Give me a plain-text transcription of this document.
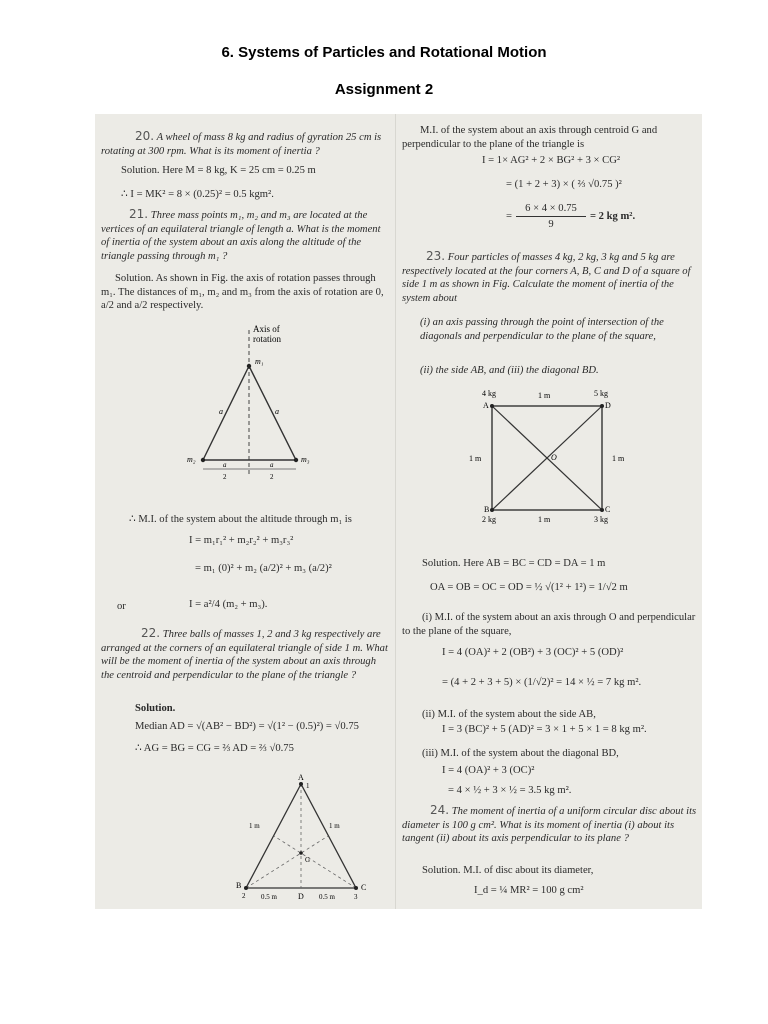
6. Systems of Particles and Rotational Motion
Assignment 2
20. A wheel of mass 8 kg and radius of gyration 25 cm is rotating at 300 rpm. What is its moment of inertia ?
Solution. Here M = 8 kg, K = 25 cm = 0.25 m
∴ I = MK² = 8 × (0.25)² = 0.5 kgm².
21. Three mass points m₁, m₂ and m₃ are located at the vertices of an equilateral triangle of length a. What is the moment of inertia of the system about an axis along the altitude of the triangle passing through m₁ ?
Solution. As shown in Fig. the axis of rotation passes through m₁. The distances of m₁, m₂ and m₃ from the axis of rotation are 0, a/2 and a/2 respectively.
Axis of
rotation
m₁
m₂	m₃
a	a
a
2
a
2
∴ M.I. of the system about the altitude through m₁ is
I = m₁r₁² + m₂r₂² + m₃r₃²
= m₁ (0)² + m₂ (a/2)² + m₃ (a/2)²
or	I = a²/4 (m₂ + m₃).
22. Three balls of masses 1, 2 and 3 kg respectively are arranged at the corners of an equilateral triangle of side 1 m. What will be the moment of inertia of the system about an axis through the centroid and perpendicular to the plane of the triangle ?
Solution.
Median AD = √(AB² − BD²) = √(1² − (0.5)²) = √0.75
∴ AG = BG = CG = ⅔ AD = ⅔ √0.75
A
1
B
2
C
3
D
G
1 m	1 m
0.5 m	0.5 m
M.I. of the system about an axis through centroid G and perpendicular to the plane of the triangle is
I = 1× AG² + 2 × BG² + 3 × CG²
= (1 + 2 + 3) × ( ⅔ √0.75 )²
=
6 × 4 × 0.75
9
= 2 kg m².
23. Four particles of masses 4 kg, 2 kg, 3 kg and 5 kg are respectively located at the four corners A, B, C and D of a square of side 1 m as shown in Fig. Calculate the moment of inertia of the system about
(i) an axis passing through the point of intersection of the diagonals and perpendicular to the plane of the square,
(ii) the side AB, and (iii) the diagonal BD.
4 kg
A
5 kg
D
B
2 kg
C
3 kg
O
1 m
1 m
1 m	1 m
Solution. Here AB = BC = CD = DA = 1 m
OA = OB = OC = OD = ½ √(1² + 1²) = 1/√2 m
(i) M.I. of the system about an axis through O and perpendicular to the plane of the square,
I = 4 (OA)² + 2 (OB²) + 3 (OC)² + 5 (OD)²
= (4 + 2 + 3 + 5) × (1/√2)² = 14 × ½ = 7 kg m².
(ii) M.I. of the system about the side AB,
I = 3 (BC)² + 5 (AD)² = 3 × 1 + 5 × 1 = 8 kg m².
(iii) M.I. of the system about the diagonal BD,
I = 4 (OA)² + 3 (OC)²
= 4 × ½ + 3 × ½ = 3.5 kg m².
24. The moment of inertia of a uniform circular disc about its diameter is 100 g cm². What is its moment of inertia (i) about its tangent (ii) about its axis perpendicular to its plane ?
Solution. M.I. of disc about its diameter,
I_d = ¼ MR² = 100 g cm²
